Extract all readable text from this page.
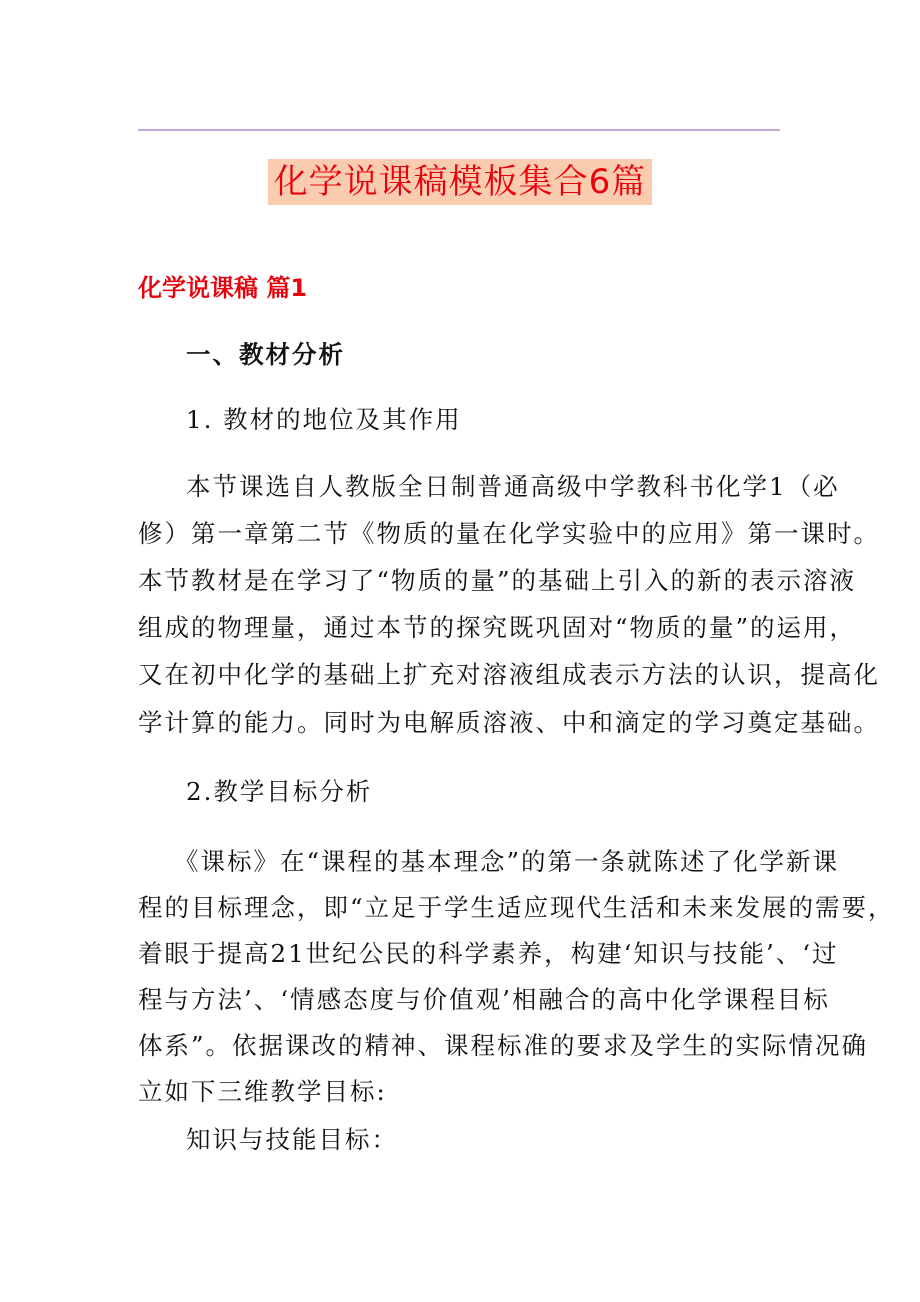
化学说课稿模板集合6篇
化学说课稿 篇1
一、教材分析
1. 教材的地位及其作用
本节课选自人教版全日制普通高级中学教科书化学1（必
修）第一章第二节《物质的量在化学实验中的应用》第一课时。
本节教材是在学习了“物质的量”的基础上引入的新的表示溶液
组成的物理量，通过本节的探究既巩固对“物质的量”的运用，
又在初中化学的基础上扩充对溶液组成表示方法的认识，提高化
学计算的能力。同时为电解质溶液、中和滴定的学习奠定基础。
2.教学目标分析
《课标》在“课程的基本理念”的第一条就陈述了化学新课
程的目标理念，即“立足于学生适应现代生活和未来发展的需要，
着眼于提高21世纪公民的科学素养，构建‘知识与技能’、‘过
程与方法’、‘情感态度与价值观’相融合的高中化学课程目标
体系”。依据课改的精神、课程标准的要求及学生的实际情况确
立如下三维教学目标:
知识与技能目标：
